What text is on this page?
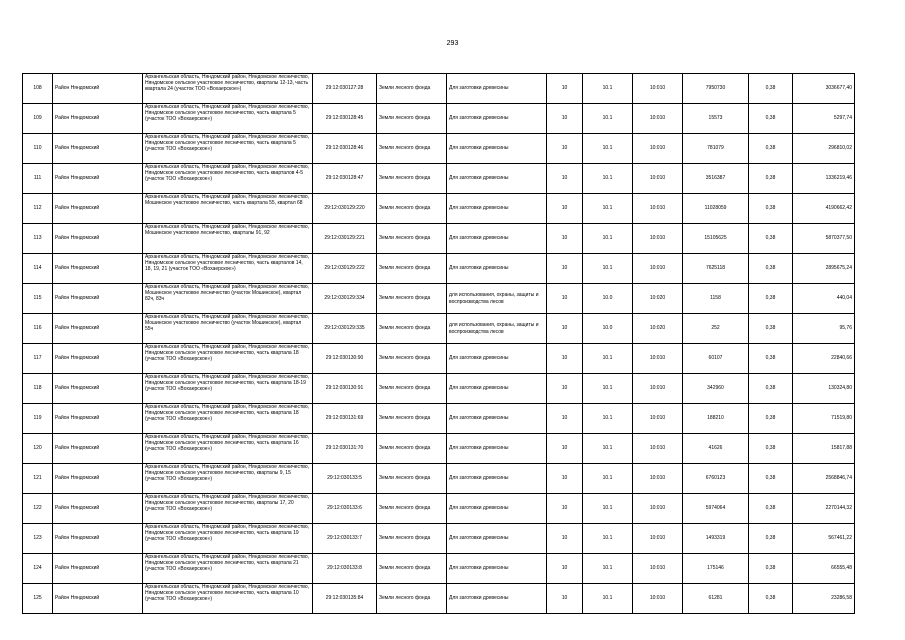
293
108	Район Няндомский	Архангельская область, Няндомский район, Няндомское лесничество, Няндомское сельское участковое лесничество, кварталы 12-13, часть квартала 24 (участок ТОО «Вохаерское»)	29:12:030127:28	Земли лесного фонда	Для заготовки древесины	10	10.1	10:010	7950730	0,38	3036677,40
109	Район Няндомский	Архангельская область, Няндомский район, Няндомское лесничество, Няндомское сельское участковое лесничество, часть квартала 5 (участок ТОО «Вохаерское»)	29:12:030128:45	Земли лесного фонда	Для заготовки древесины	10	10.1	10:010	15573	0,38	5297,74
110	Район Няндомский	Архангельская область, Няндомский район, Няндомское лесничество, Няндомское сельское участковое лесничество, часть квартала 5 (участок ТОО «Вохаерское»)	29:12:030128:46	Земли лесного фонда	Для заготовки древесины	10	10.1	10:010	781079	0,38	296810,02
111	Район Няндомский	Архангельская область, Няндомский район, Няндомское лесничество, Няндомское сельское участковое лесничество, часть кварталов 4-5 (участок ТОО «Вохаерское»)	29:12:030128:47	Земли лесного фонда	Для заготовки древесины	10	10.1	10:010	3516387	0,38	1336219,46
112	Район Няндомский	Архангельская область, Няндомский район, Няндомское лесничество, Мошинское участковое лесничество, часть квартала 55, квартал 68	29:12:030129:220	Земли лесного фонда	Для заготовки древесины	10	10.1	10:010	11028059	0,38	4190662,42
113	Район Няндомский	Архангельская область, Няндомский район, Няндомское лесничество, Мошинское участковое лесничество, кварталы 91, 92	29:12:030129:221	Земли лесного фонда	Для заготовки древесины	10	10.1	10:010	15105625	0,38	5870377,50
114	Район Няндомский	Архангельская область, Няндомский район, Няндомское лесничество, Няндомское сельское участковое лесничество, часть кварталов 14, 18, 19, 21 (участок ТОО «Вохаерское»)	29:12:030129:222	Земли лесного фонда	Для заготовки древесины	10	10.1	10:010	7625118	0,38	2895675,24
115	Район Няндомский	Архангельская область, Няндомский район, Няндомское лесничество, Мошинское участковое лесничество (участок Мошинское), квартал 82ч, 83ч	29:12:030129:334	Земли лесного фонда	для использования, охраны, защиты и воспроизводства лесов	10	10.0	10:020	1158	0,38	440,04
116	Район Няндомский	Архангельская область, Няндомский район, Няндомское лесничество, Мошинское участковое лесничество (участок Мошинское), квартал 55ч	29:12:030129:335	Земли лесного фонда	для использования, охраны, защиты и воспроизводства лесов	10	10.0	10:020	252	0,38	95,76
117	Район Няндомский	Архангельская область, Няндомский район, Няндомское лесничество, Няндомское сельское участковое лесничество, часть квартала 18 (участок ТОО «Вохаерское»)	29:12:030130:90	Земли лесного фонда	Для заготовки древесины	10	10.1	10:010	60107	0,38	22840,66
118	Район Няндомский	Архангельская область, Няндомский район, Няндомское лесничество, Няндомское сельское участковое лесничество, часть квартала 18-19 (участок ТОО «Вохаерское»)	29:12:030130:91	Земли лесного фонда	Для заготовки древесины	10	10.1	10:010	342960	0,38	130324,80
119	Район Няндомский	Архангельская область, Няндомский район, Няндомское лесничество, Няндомское сельское участковое лесничество, часть квартала 18 (участок ТОО «Вохаерское»)	29:12:030131:69	Земли лесного фонда	Для заготовки древесины	10	10.1	10:010	188210	0,38	71519,80
120	Район Няндомский	Архангельская область, Няндомский район, Няндомское лесничество, Няндомское сельское участковое лесничество, часть квартала 16 (участок ТОО «Вохаерское»)	29:12:030131:70	Земли лесного фонда	Для заготовки древесины	10	10.1	10:010	41626	0,38	15817,88
121	Район Няндомский	Архангельская область, Няндомский район, Няндомское лесничество, Няндомское сельское участковое лесничество, кварталы 9, 15 (участок ТОО «Вохаерское»)	29:12:030133:5	Земли лесного фонда	Для заготовки древесины	10	10.1	10:010	6760123	0,38	2568846,74
122	Район Няндомский	Архангельская область, Няндомский район, Няндомское лесничество, Няндомское сельское участковое лесничество, кварталы 17, 20 (участок ТОО «Вохаерское»)	29:12:030133:6	Земли лесного фонда	Для заготовки древесины	10	10.1	10:010	5974064	0,38	2270144,32
123	Район Няндомский	Архангельская область, Няндомский район, Няндомское лесничество, Няндомское сельское участковое лесничество, часть квартала 19 (участок ТОО «Вохаерское»)	29:12:030133:7	Земли лесного фонда	Для заготовки древесины	10	10.1	10:010	1493319	0,38	567461,22
124	Район Няндомский	Архангельская область, Няндомский район, Няндомское лесничество, Няндомское сельское участковое лесничество, часть квартала 21 (участок ТОО «Вохаерское»)	29:12:030133:8	Земли лесного фонда	Для заготовки древесины	10	10.1	10:010	175146	0,38	66555,48
125	Район Няндомский	Архангельская область, Няндомский район, Няндомское лесничество, Няндомское сельское участковое лесничество, часть квартала 10 (участок ТОО «Вохаерское»)	29:12:030135:84	Земли лесного фонда	Для заготовки древесины	10	10.1	10:010	61281	0,38	23286,58
